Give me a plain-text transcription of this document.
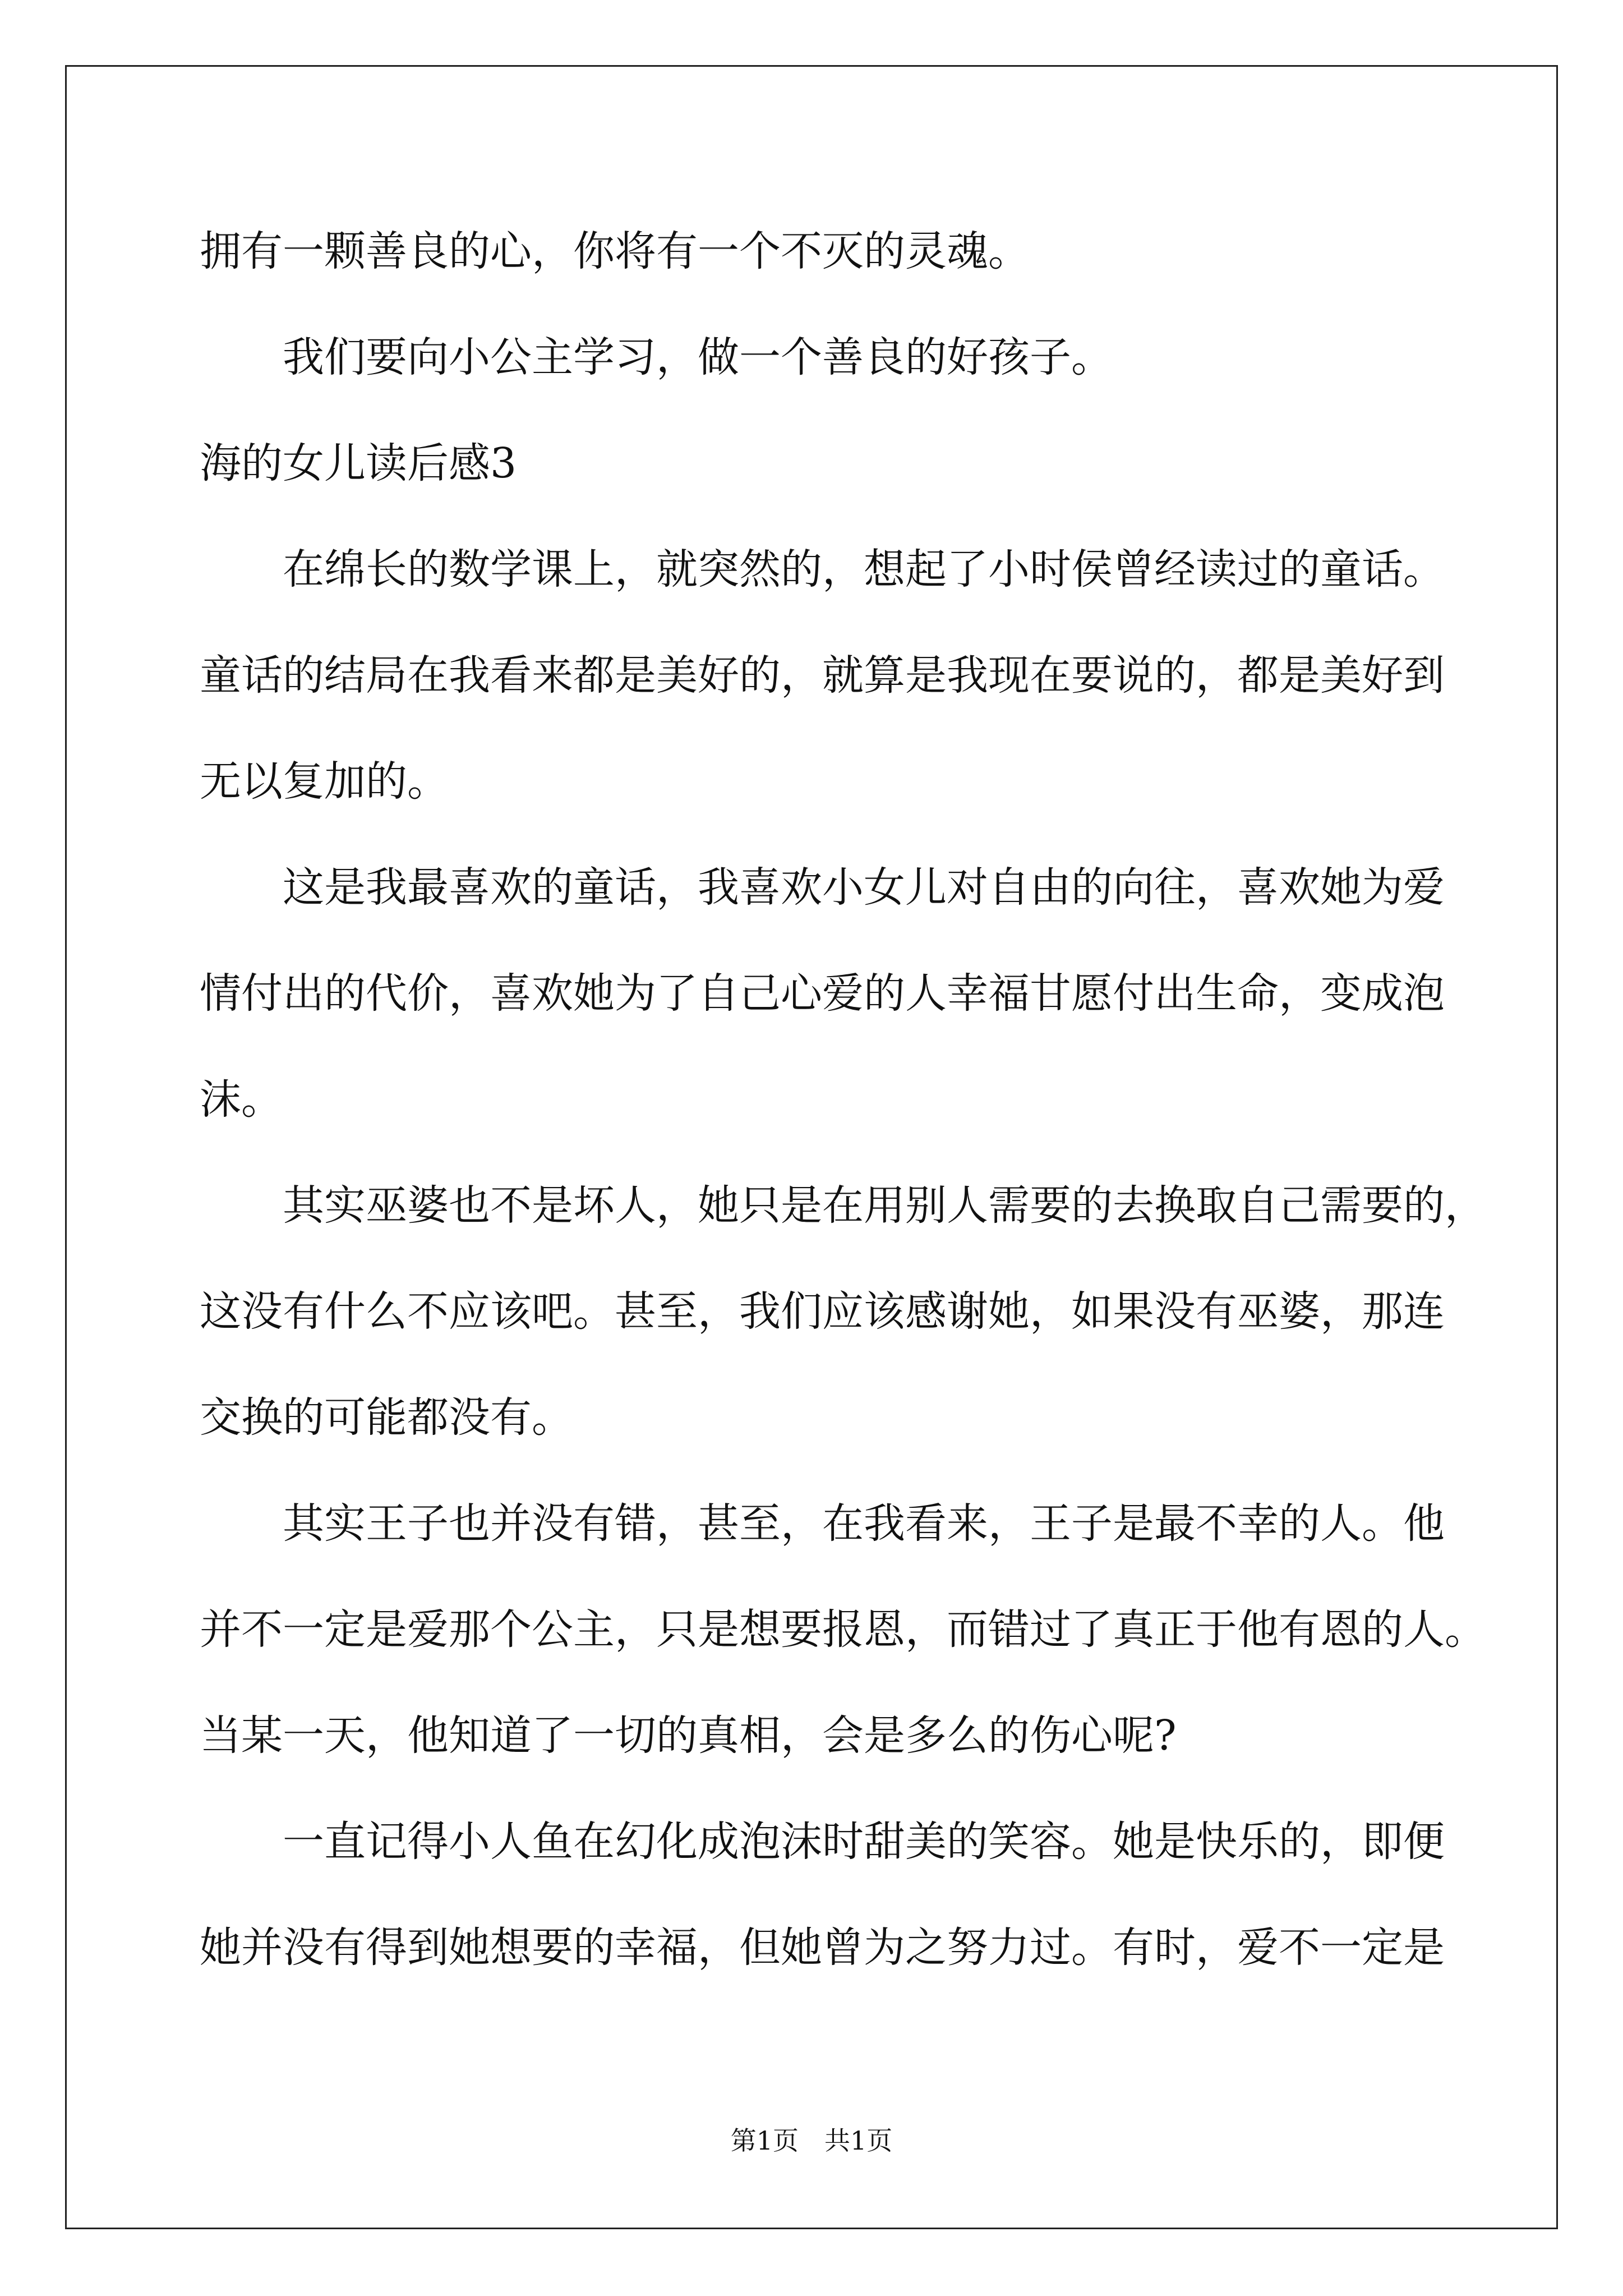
拥有一颗善良的心，你将有一个不灭的灵魂。
我们要向小公主学习，做一个善良的好孩子。
海的女儿读后感3
在绵长的数学课上，就突然的，想起了小时侯曾经读过的童话。
童话的结局在我看来都是美好的，就算是我现在要说的，都是美好到
无以复加的。
这是我最喜欢的童话，我喜欢小女儿对自由的向往，喜欢她为爱
情付出的代价，喜欢她为了自己心爱的人幸福甘愿付出生命，变成泡
沫。
其实巫婆也不是坏人，她只是在用别人需要的去换取自己需要的，
这没有什么不应该吧。甚至，我们应该感谢她，如果没有巫婆，那连
交换的可能都没有。
其实王子也并没有错，甚至，在我看来，王子是最不幸的人。他
并不一定是爱那个公主，只是想要报恩，而错过了真正于他有恩的人。
当某一天，他知道了一切的真相，会是多么的伤心呢?
一直记得小人鱼在幻化成泡沫时甜美的笑容。她是快乐的，即便
她并没有得到她想要的幸福，但她曾为之努力过。有时，爱不一定是
第1页　共1页
